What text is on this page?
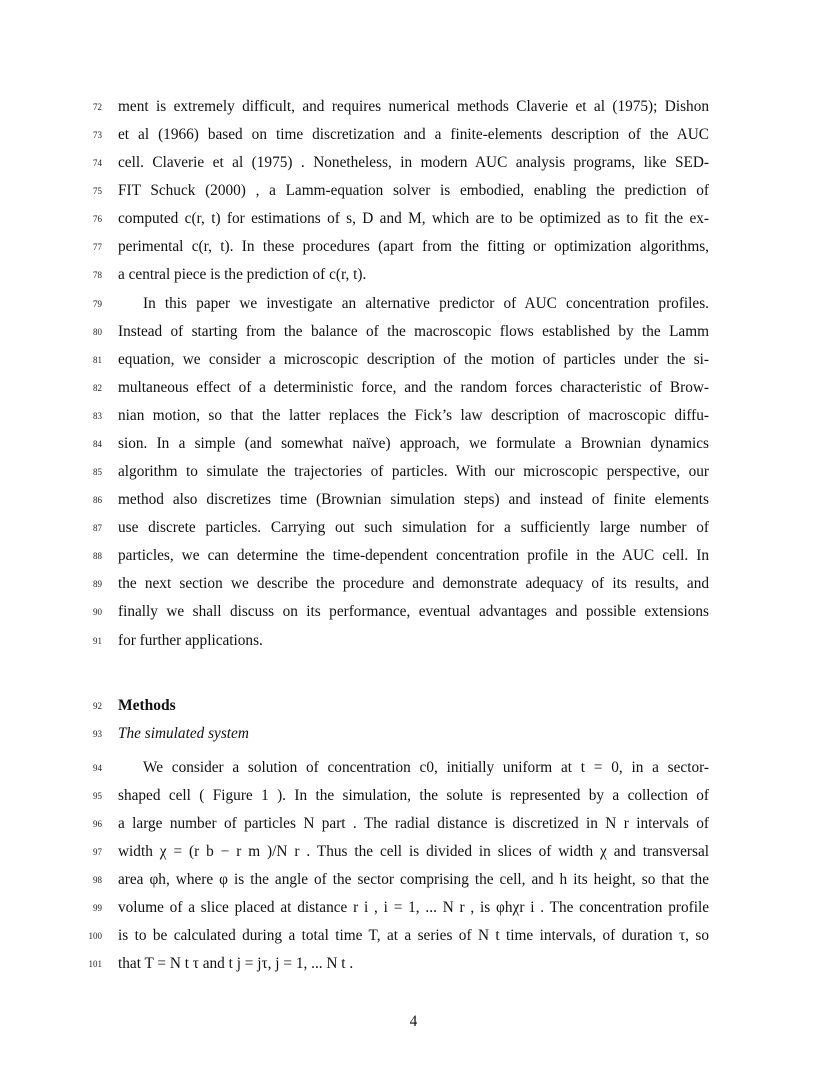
72 ment is extremely difficult, and requires numerical methods Claverie et al (1975); Dishon
73 et al (1966) based on time discretization and a finite-elements description of the AUC
74 cell. Claverie et al (1975) . Nonetheless, in modern AUC analysis programs, like SED-
75 FIT Schuck (2000) , a Lamm-equation solver is embodied, enabling the prediction of
76 computed c(r, t) for estimations of s, D and M, which are to be optimized as to fit the ex-
77 perimental c(r, t). In these procedures (apart from the fitting or optimization algorithms,
78 a central piece is the prediction of c(r, t).
79	In this paper we investigate an alternative predictor of AUC concentration profiles.
80 Instead of starting from the balance of the macroscopic flows established by the Lamm
81 equation, we consider a microscopic description of the motion of particles under the si-
82 multaneous effect of a deterministic force, and the random forces characteristic of Brow-
83 nian motion, so that the latter replaces the Fick’s law description of macroscopic diffu-
84 sion. In a simple (and somewhat naïve) approach, we formulate a Brownian dynamics
85 algorithm to simulate the trajectories of particles. With our microscopic perspective, our
86 method also discretizes time (Brownian simulation steps) and instead of finite elements
87 use discrete particles. Carrying out such simulation for a sufficiently large number of
88 particles, we can determine the time-dependent concentration profile in the AUC cell. In
89 the next section we describe the procedure and demonstrate adequacy of its results, and
90 finally we shall discuss on its performance, eventual advantages and possible extensions
91 for further applications.
92 Methods
93 The simulated system
94	We consider a solution of concentration c0, initially uniform at t = 0, in a sector-
95 shaped cell ( Figure 1 ). In the simulation, the solute is represented by a collection of
96 a large number of particles N part . The radial distance is discretized in N r intervals of
97 width χ = (r b − r m )/N r . Thus the cell is divided in slices of width χ and transversal
98 area φh, where φ is the angle of the sector comprising the cell, and h its height, so that the
99 volume of a slice placed at distance r i , i = 1, ... N r , is φhχr i . The concentration profile
100 is to be calculated during a total time T, at a series of N t time intervals, of duration τ, so
101 that T = N t τ and t j = jτ, j = 1, ... N t .
4
